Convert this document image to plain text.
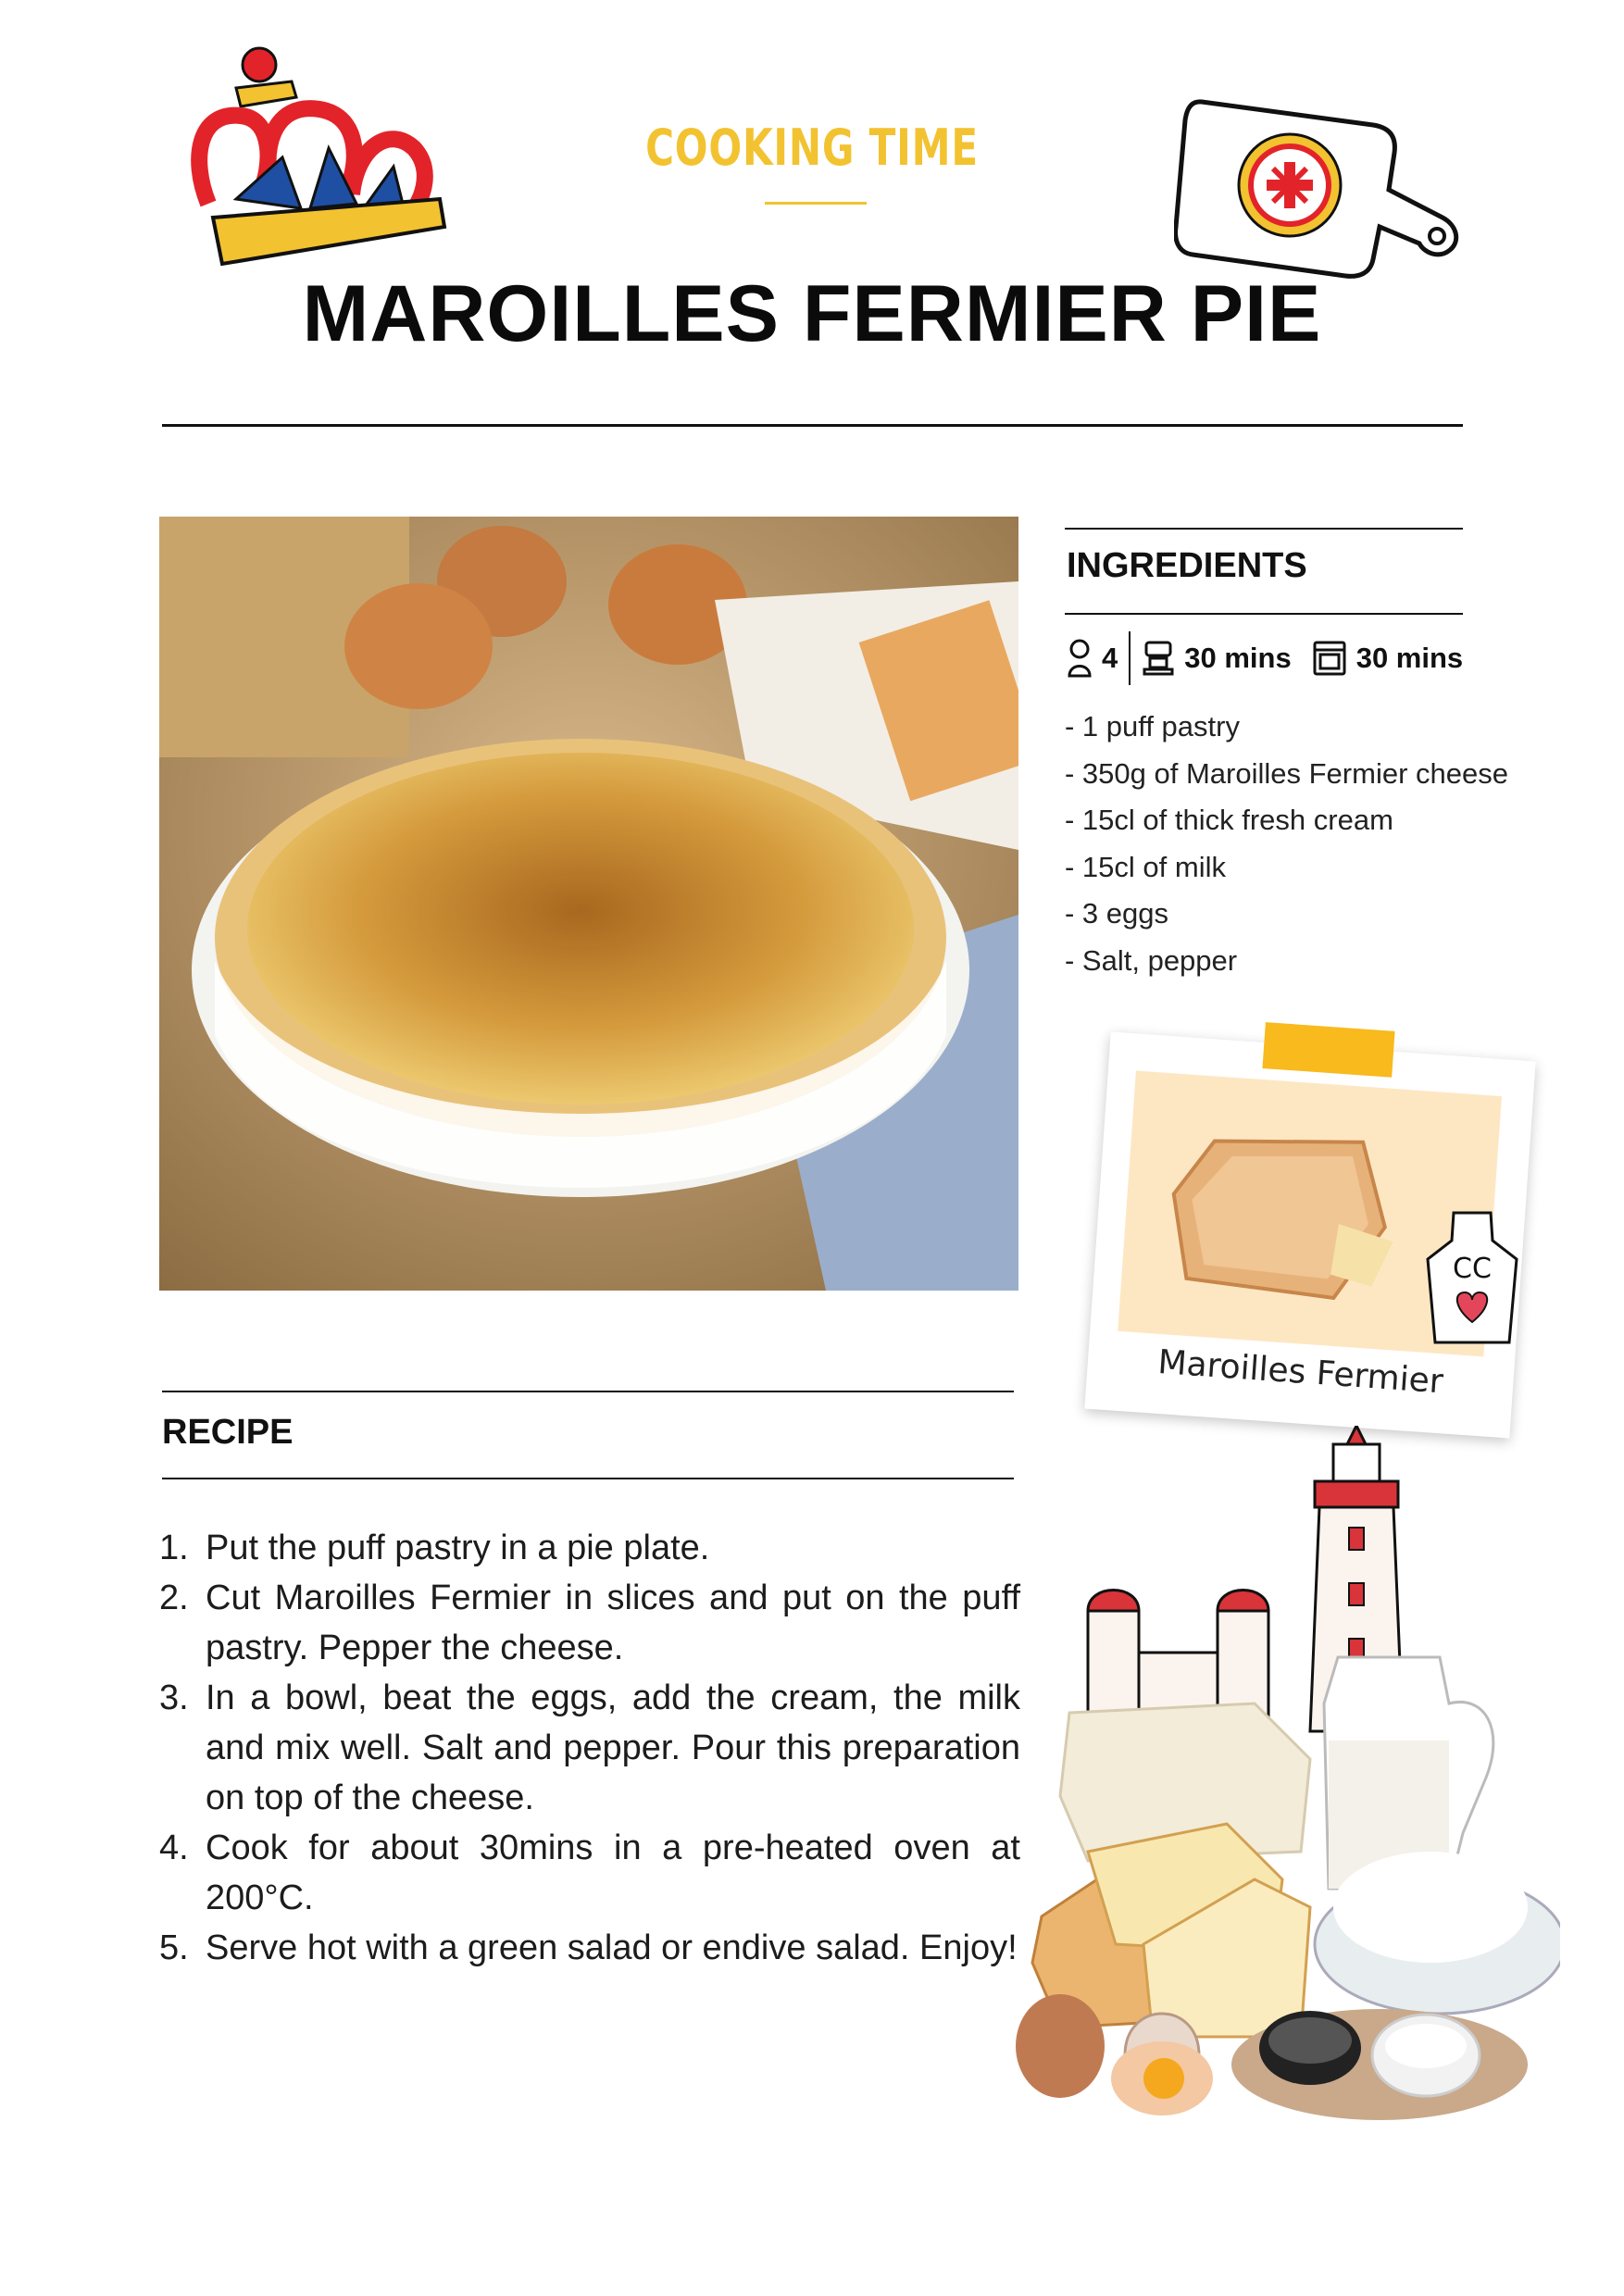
COOKING TIME
MAROILLES FERMIER PIE
INGREDIENTS
4 30 mins 30 mins
- 1 puff pastry
- 350g of Maroilles Fermier cheese
- 15cl of thick fresh cream
- 15cl of milk
- 3 eggs
- Salt, pepper
Maroilles Fermier
CC
RECIPE
1. Put the puff pastry in a pie plate.
2. Cut Maroilles Fermier in slices and put on the puff pastry. Pepper the cheese.
3. In a bowl, beat the eggs, add the cream, the milk and mix well. Salt and pepper. Pour this preparation on top of the cheese.
4. Cook for about 30mins in a pre-heated oven at 200°C.
5. Serve hot with a green salad or endive salad. Enjoy!
